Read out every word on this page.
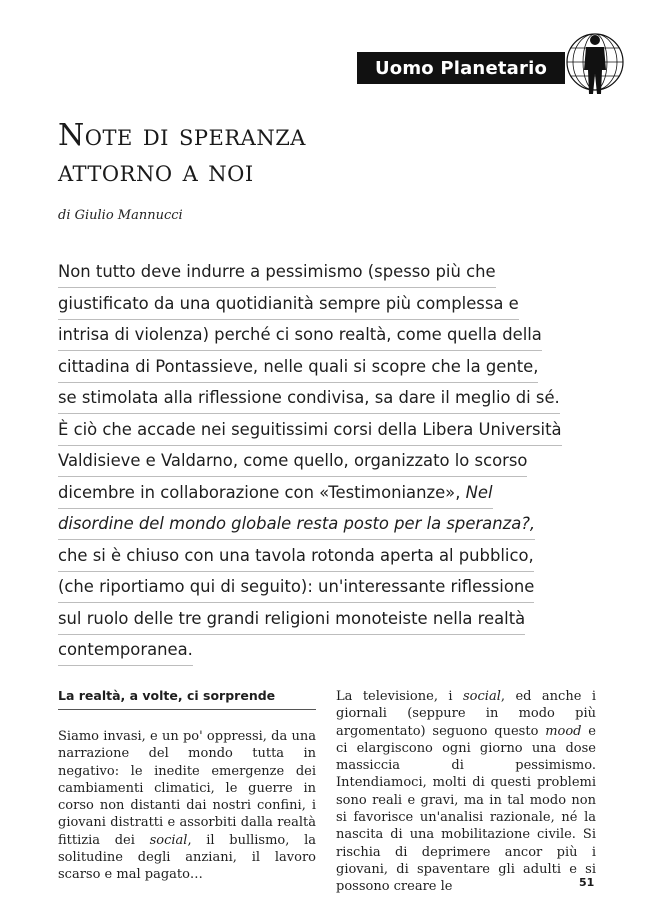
Uomo Planetario
Note di speranza
attorno a noi
di Giulio Mannucci
Non tutto deve indurre a pessimismo (spesso più che
giustificato da una quotidianità sempre più complessa e
intrisa di violenza) perché ci sono realtà, come quella della
cittadina di Pontassieve, nelle quali si scopre che la gente,
se stimolata alla riflessione condivisa, sa dare il meglio di sé.
È ciò che accade nei seguitissimi corsi della Libera Università
Valdisieve e Valdarno, come quello, organizzato lo scorso
dicembre in collaborazione con «Testimonianze», Nel
disordine del mondo globale resta posto per la speranza?,
che si è chiuso con una tavola rotonda aperta al pubblico,
(che riportiamo qui di seguito): un'interessante riflessione
sul ruolo delle tre grandi religioni monoteiste nella realtà
contemporanea.
La realtà, a volte, ci sorprende

Siamo invasi, e un po' oppressi, da una narrazione del mondo tutta in negativo: le inedite emergenze dei cambiamenti climatici, le guerre in corso non distanti dai nostri confini, i giovani distratti e assorbiti dalla realtà fittizia dei social, il bullismo, la solitudine degli anziani, il lavoro scarso e mal pagato…

La televisione, i social, ed anche i giornali (seppure in modo più argomentato) seguono questo mood e ci elargiscono ogni giorno una dose massiccia di pessimismo. Intendiamoci, molti di questi problemi sono reali e gravi, ma in tal modo non si favorisce un'analisi razionale, né la nascita di una mobilitazione civile. Si rischia di deprimere ancor più i giovani, di spaventare gli adulti e si possono creare le	51
